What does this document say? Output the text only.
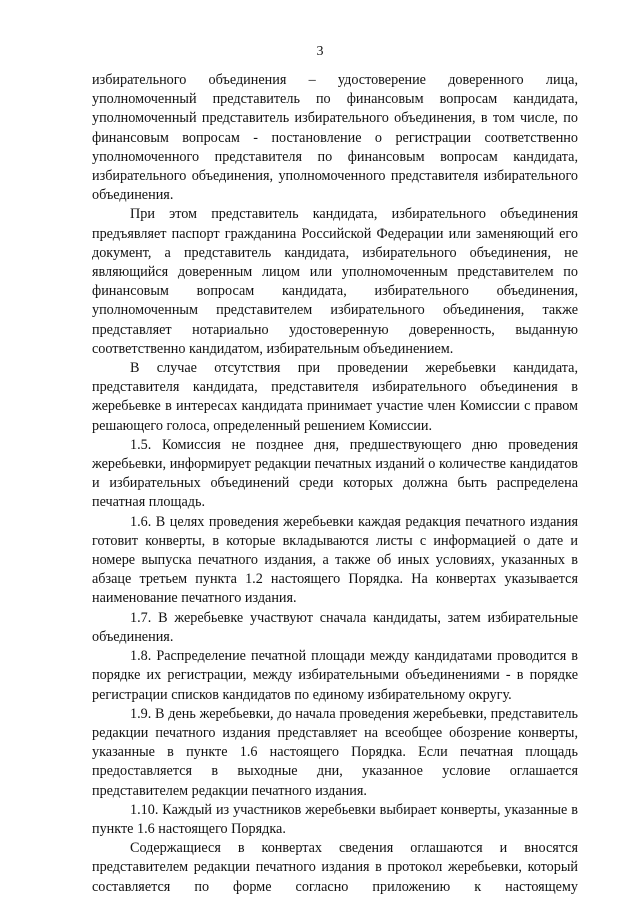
3

избирательного объединения – удостоверение доверенного лица, уполномоченный представитель по финансовым вопросам кандидата, уполномоченный представитель избирательного объединения, в том числе, по финансовым вопросам - постановление о регистрации соответственно уполномоченного представителя по финансовым вопросам кандидата, избирательного объединения, уполномоченного представителя избирательного объединения.

При этом представитель кандидата, избирательного объединения предъявляет паспорт гражданина Российской Федерации или заменяющий его документ, а представитель кандидата, избирательного объединения, не являющийся доверенным лицом или уполномоченным представителем по финансовым вопросам кандидата, избирательного объединения, уполномоченным представителем избирательного объединения, также представляет нотариально удостоверенную доверенность, выданную соответственно кандидатом, избирательным объединением.

В случае отсутствия при проведении жеребьевки кандидата, представителя кандидата, представителя избирательного объединения в жеребьевке в интересах кандидата принимает участие член Комиссии с правом решающего голоса, определенный решением Комиссии.

1.5. Комиссия не позднее дня, предшествующего дню проведения жеребьевки, информирует редакции печатных изданий о количестве кандидатов и избирательных объединений среди которых должна быть распределена печатная площадь.

1.6. В целях проведения жеребьевки каждая редакция печатного издания готовит конверты, в которые вкладываются листы с информацией о дате и номере выпуска печатного издания, а также об иных условиях, указанных в абзаце третьем пункта 1.2 настоящего Порядка. На конвертах указывается наименование печатного издания.

1.7. В жеребьевке участвуют сначала кандидаты, затем избирательные объединения.

1.8. Распределение печатной площади между кандидатами проводится в порядке их регистрации, между избирательными объединениями - в порядке регистрации списков кандидатов по единому избирательному округу.

1.9. В день жеребьевки, до начала проведения жеребьевки, представитель редакции печатного издания представляет на всеобщее обозрение конверты, указанные в пункте 1.6 настоящего Порядка. Если печатная площадь предоставляется в выходные дни, указанное условие оглашается представителем редакции печатного издания.

1.10. Каждый из участников жеребьевки выбирает конверты, указанные в пункте 1.6 настоящего Порядка.

Содержащиеся в конвертах сведения оглашаются и вносятся представителем редакции печатного издания в протокол жеребьевки, который составляется по форме согласно приложению к настоящему
